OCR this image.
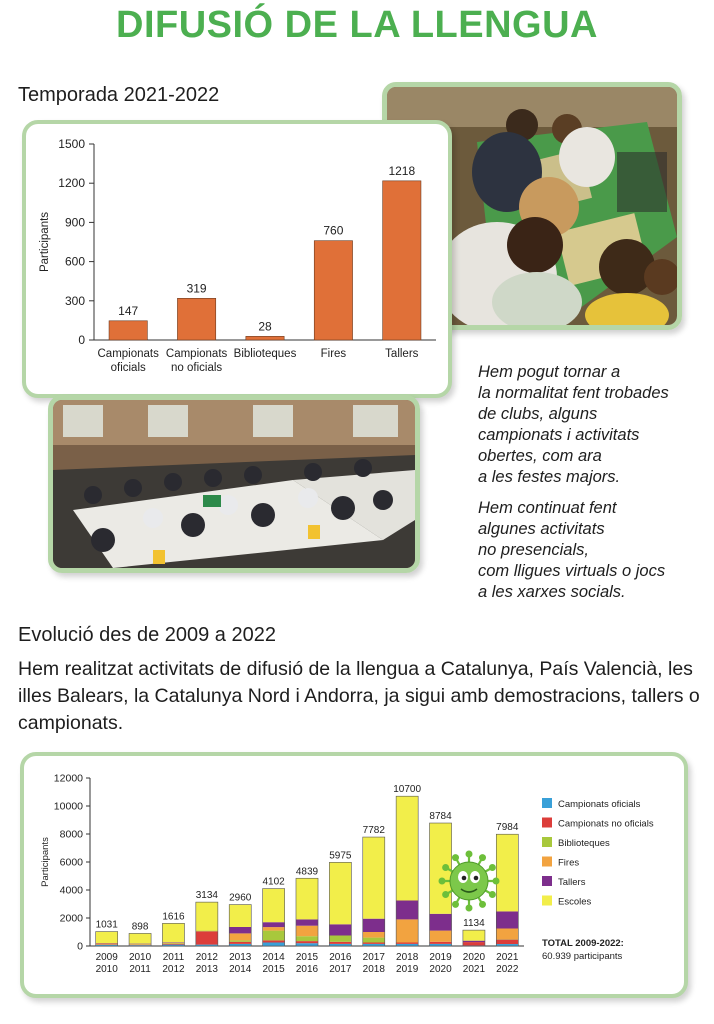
DIFUSIÓ DE LA LLENGUA
Temporada 2021-2022
0
300
600
900
1200
1500
Participants
147
Campionats
oficials
319
Campionats
no oficials
28
Biblioteques
760
Fires
1218
Tallers

Hem pogut tornar a
la normalitat fent trobades
de clubs, alguns
campionats i activitats
obertes, com ara
a les festes majors.

Hem continuat fent
algunes activitats
no presencials,
com lligues virtuals o jocs
a les xarxes socials.

Evolució des de 2009 a 2022
Hem realitzat activitats de difusió de la llengua a Catalunya, País Valencià, les illes Balears, la Catalunya Nord i Andorra, ja sigui amb demostracions, tallers o campionats.
0
2000
4000
6000
8000
10000
12000
Participants
1031
2009
2010
898
2010
2011
1616
2011
2012
3134
2012
2013
2960
2013
2014
4102
2014
2015
4839
2015
2016
5975
2016
2017
7782
2017
2018
10700
2018
2019
8784
2019
2020
1134
2020
2021
7984
2021
2022
Campionats oficials
Campionats no oficials
Biblioteques
Fires
Tallers
Escoles
TOTAL 2009-2022:
60.939 participants
